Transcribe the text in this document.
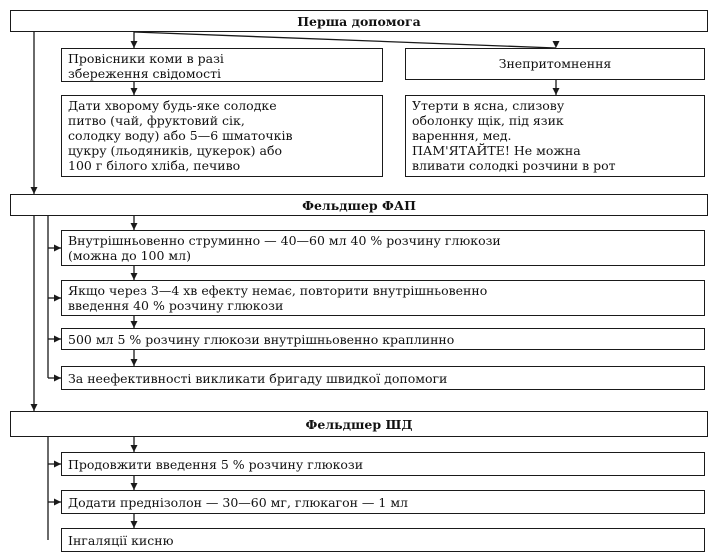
Перша допомога
Провісники коми в разі
збереження свідомості
Знепритомнення
Дати хворому будь-яке солодке
питво (чай, фруктовий сік,
солодку воду) або 5—6 шматочків
цукру (льодяників, цукерок) або
100 г білого хліба, печиво
Утерти в ясна, слизову
оболонку щік, під язик
варенння, мед.
ПАМ'ЯТАЙТЕ! Не можна
вливати солодкі розчини в рот
Фельдшер ФАП
Внутрішньовенно струминно — 40—60 мл 40 % розчину глюкози
(можна до 100 мл)
Якщо через 3—4 хв ефекту немає, повторити внутрішньовенно
введення 40 % розчину глюкози
500 мл 5 % розчину глюкози внутрішньовенно краплинно
За неефективності викликати бригаду швидкої допомоги
Фельдшер ШД
Продовжити введення 5 % розчину глюкози
Додати преднізолон — 30—60 мг, глюкагон — 1 мл
Інгаляції кисню
